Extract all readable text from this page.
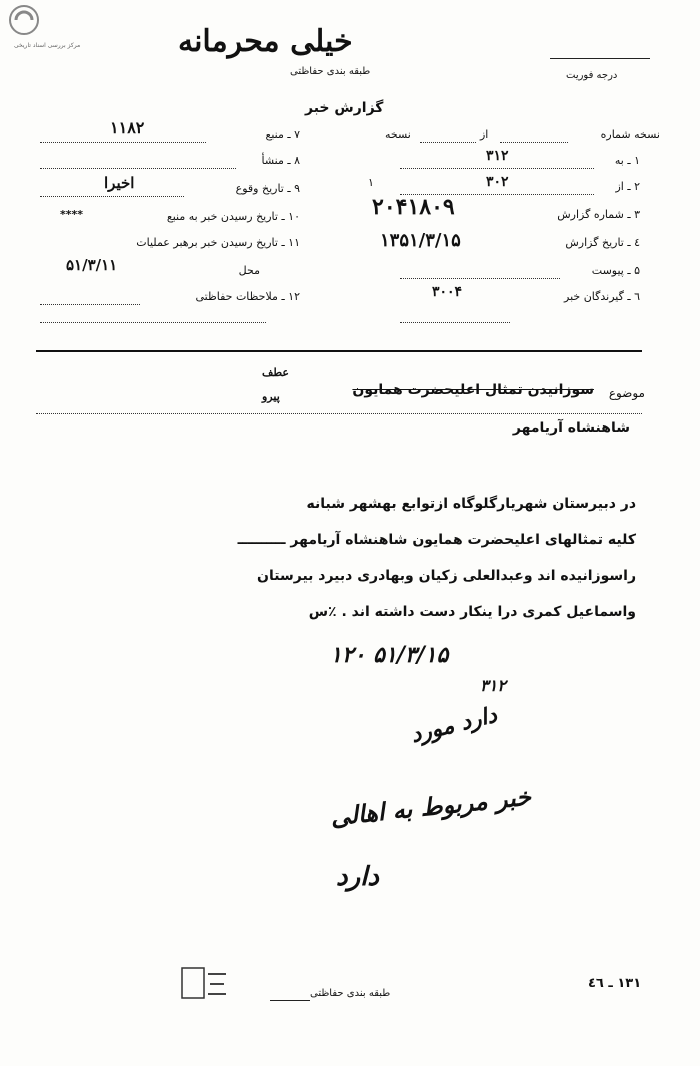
مرکز بررسی اسناد تاریخی	خیلی محرمانه
طبقه بندی حفاظتی	درجه فوریت
گزارش خبر
نسخه شماره
از
نسخه
۱ ـ به
۳۱۲
۲ ـ از
۳۰۲
۱
۳ ـ شماره گزارش
۲۰۴۱۸۰۹
٤ ـ تاریخ گزارش
۱۳۵۱/۳/۱۵
۵ ـ پیوست
٦ ـ گیرندگان خبر
۳۰۰۴
۷ ـ منبع
۱۱۸۲
۸ ـ منشأ
۹ ـ تاریخ وقوع
اخیرا
۱۰ ـ تاریخ رسیدن خبر به منبع
****
۱۱ ـ تاریخ رسیدن خبر برهبر عملیات
محل
۵۱/۳/۱۱
۱۲ ـ ملاحظات حفاظتی
موضوع
سوزانیدن تمثال اعلیحضرت همایون
عطف
پیرو
شاهنشاه آریامهر
در دبیرستان شهریارگلوگاه ازتوابع بهشهر شبانه
کلیه تمثالهای اعلیحضرت همایون شاهنشاه آریامهر ــــــــــ
راسوزانیده اند وعبدالعلی زکیان وبهادری دبیرد بیرستان
واسماعیل کمری درا ینکار دست داشته اند . ٪س
۱۲۰ ۵۱/۳/۱۵
۳۱۲
دارد مورد
خبر مربوط به اهالی
دارد
طبقه بندی حفاظتی
۱۳۱ ـ ٤٦
